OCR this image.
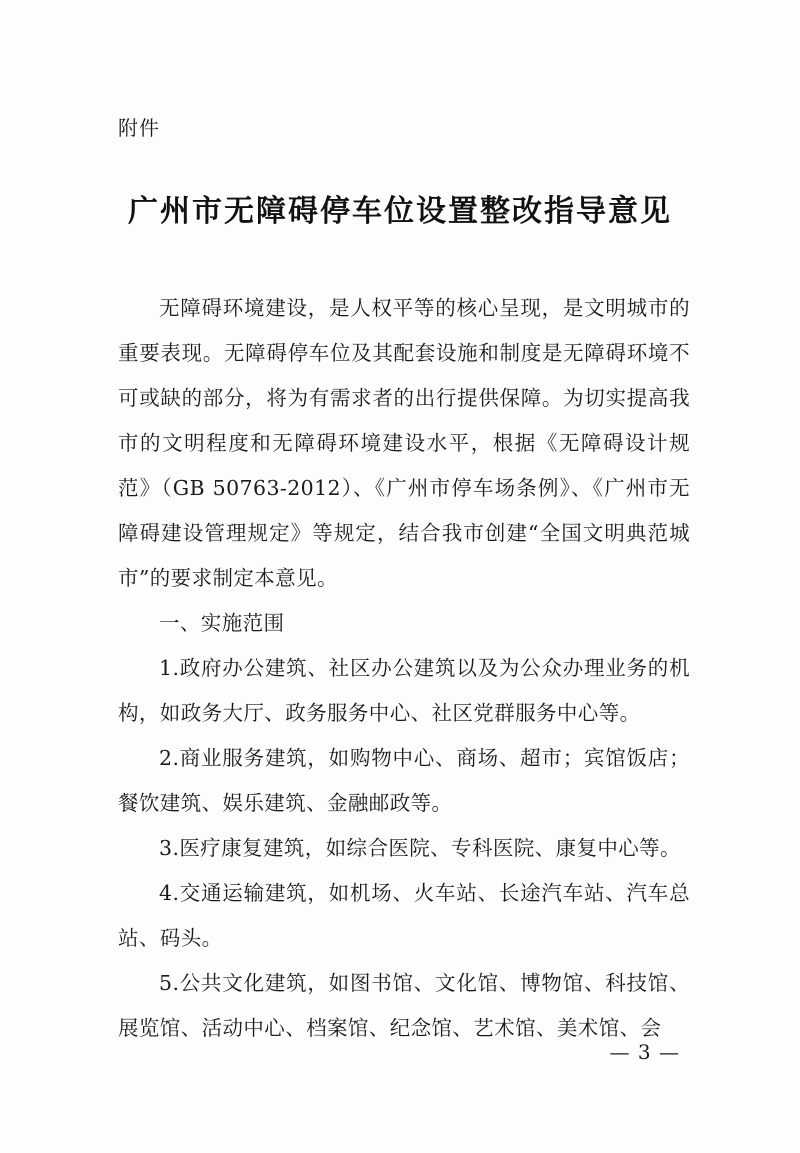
附件
广州市无障碍停车位设置整改指导意见

无障碍环境建设，是人权平等的核心呈现，是文明城市的重要表现。无障碍停车位及其配套设施和制度是无障碍环境不可或缺的部分，将为有需求者的出行提供保障。为切实提高我市的文明程度和无障碍环境建设水平，根据《无障碍设计规范》（GB 50763-2012）、《广州市停车场条例》、《广州市无障碍建设管理规定》等规定，结合我市创建“全国文明典范城市”的要求制定本意见。

一、实施范围

1.政府办公建筑、社区办公建筑以及为公众办理业务的机构，如政务大厅、政务服务中心、社区党群服务中心等。

2.商业服务建筑，如购物中心、商场、超市；宾馆饭店；餐饮建筑、娱乐建筑、金融邮政等。

3.医疗康复建筑，如综合医院、专科医院、康复中心等。

4.交通运输建筑，如机场、火车站、长途汽车站、汽车总站、码头。

5.公共文化建筑，如图书馆、文化馆、博物馆、科技馆、展览馆、活动中心、档案馆、纪念馆、艺术馆、美术馆、会

— 3 —
